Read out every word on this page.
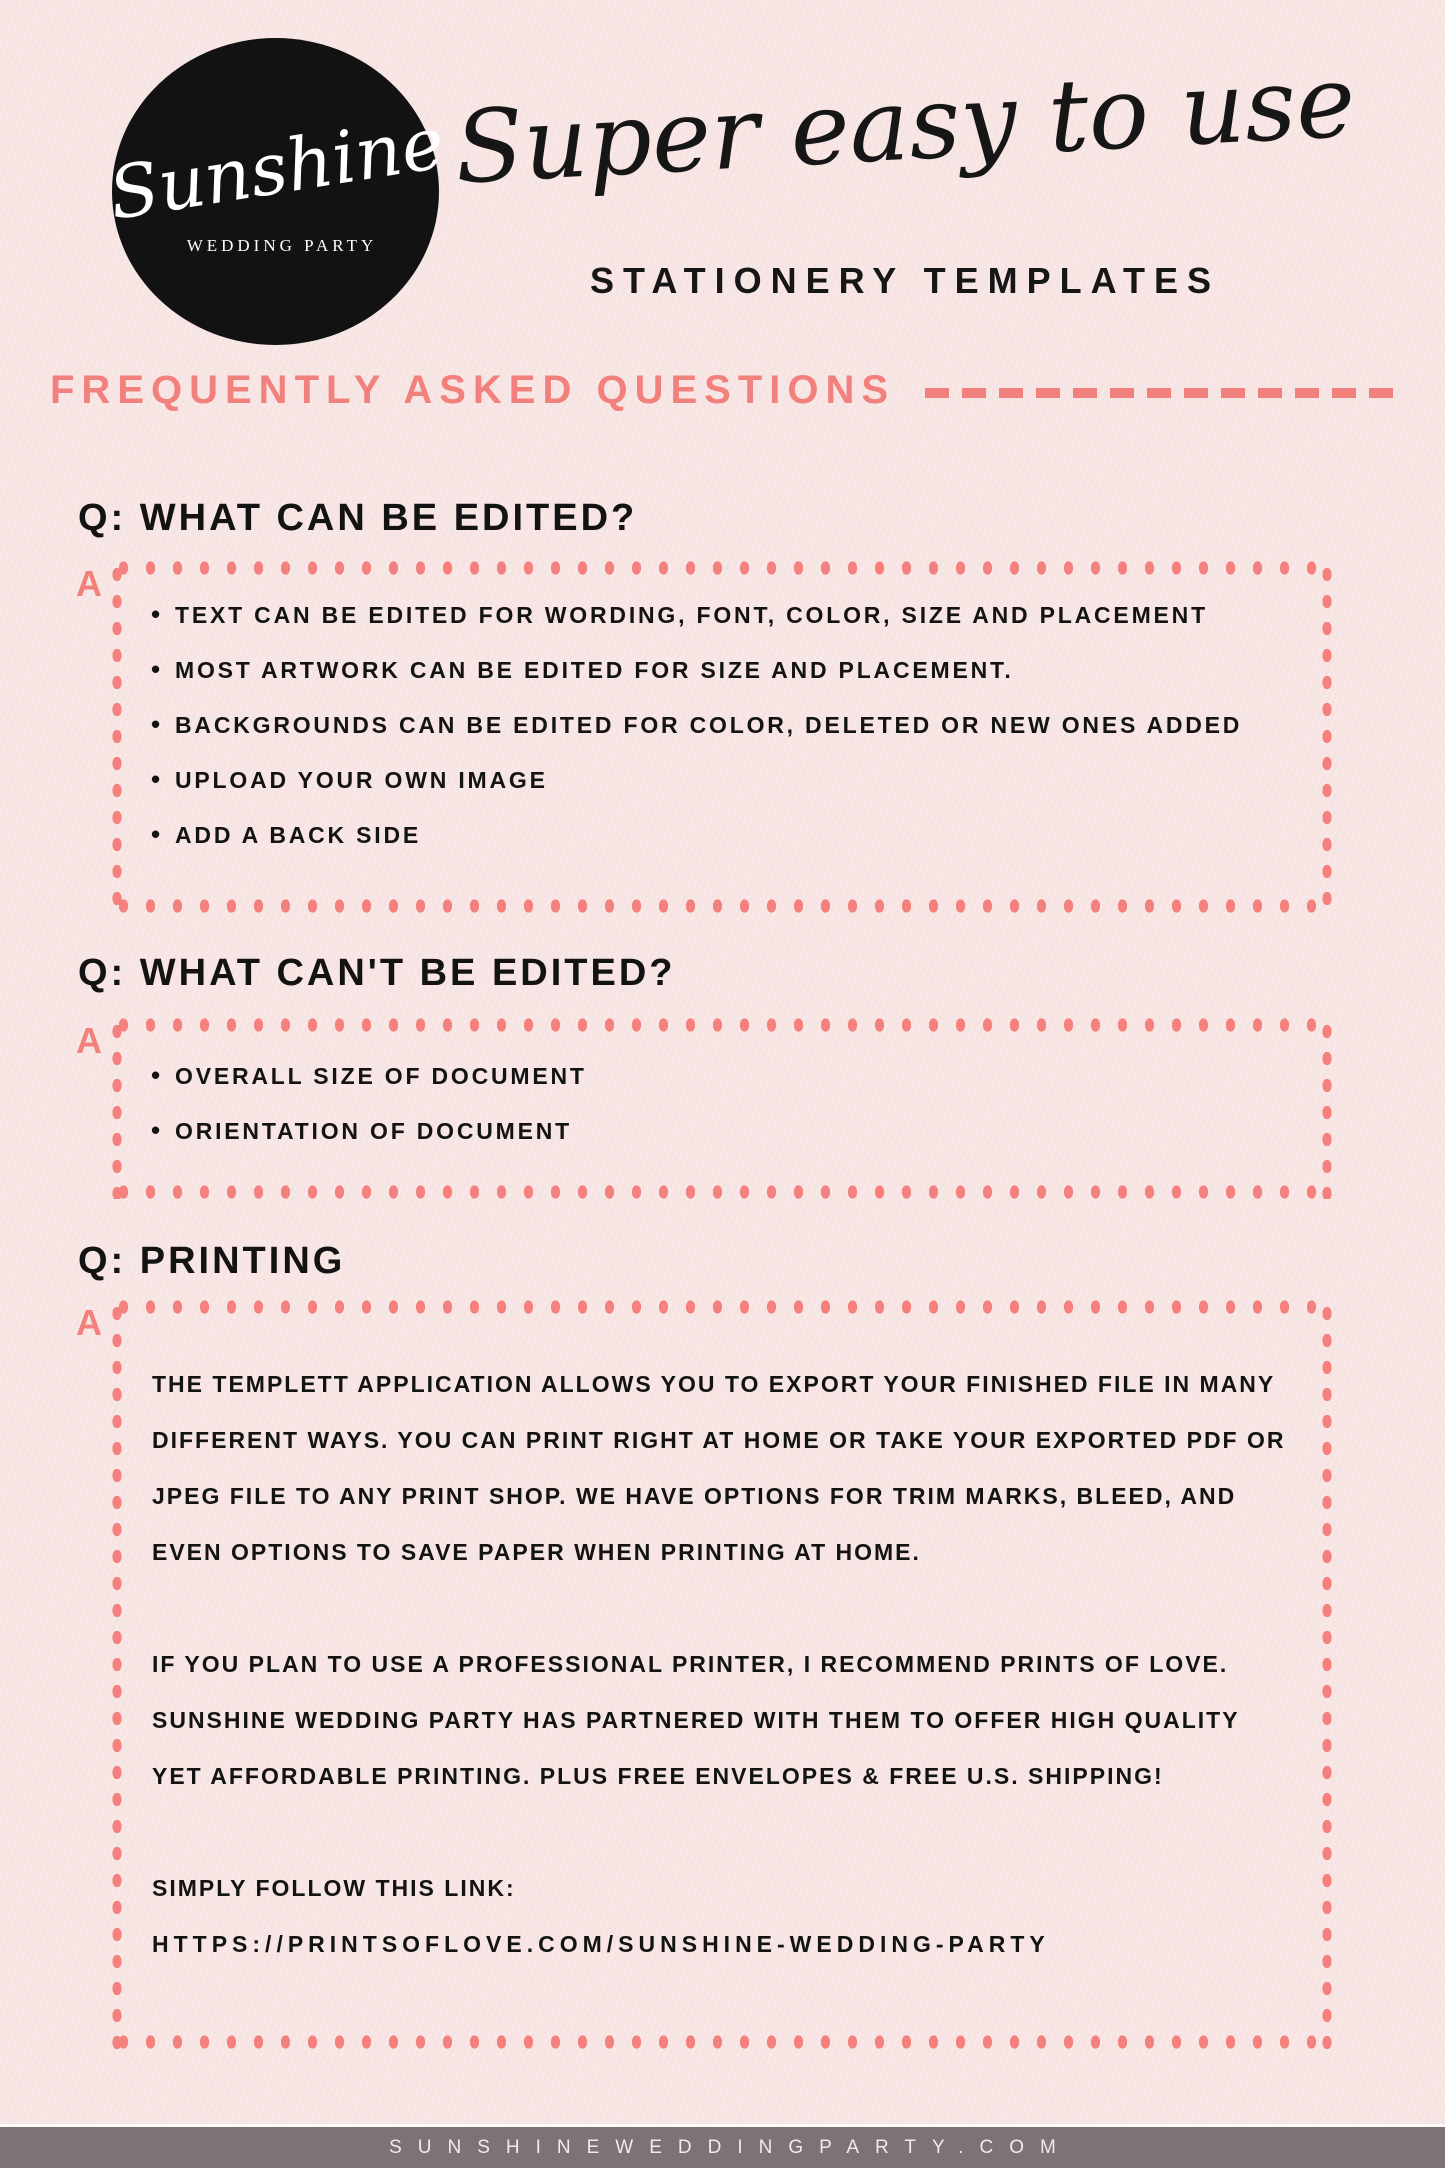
Sunshine
WEDDING PARTY
Super easy to use
STATIONERY TEMPLATES
FREQUENTLY ASKED QUESTIONS
Q: WHAT CAN BE EDITED?
A
• TEXT CAN BE EDITED FOR WORDING, FONT, COLOR, SIZE AND PLACEMENT
• MOST ARTWORK CAN BE EDITED FOR SIZE AND PLACEMENT.
• BACKGROUNDS CAN BE EDITED FOR COLOR, DELETED OR NEW ONES ADDED
• UPLOAD YOUR OWN IMAGE
• ADD A BACK SIDE
Q: WHAT CAN'T BE EDITED?
A
• OVERALL SIZE OF DOCUMENT
• ORIENTATION OF DOCUMENT
Q: PRINTING
A

THE TEMPLETT APPLICATION ALLOWS YOU TO EXPORT YOUR FINISHED FILE IN MANY DIFFERENT WAYS. YOU CAN PRINT RIGHT AT HOME OR TAKE YOUR EXPORTED PDF OR JPEG FILE TO ANY PRINT SHOP. WE HAVE OPTIONS FOR TRIM MARKS, BLEED, AND EVEN OPTIONS TO SAVE PAPER WHEN PRINTING AT HOME.

IF YOU PLAN TO USE A PROFESSIONAL PRINTER, I RECOMMEND PRINTS OF LOVE. SUNSHINE WEDDING PARTY HAS PARTNERED WITH THEM TO OFFER HIGH QUALITY YET AFFORDABLE PRINTING. PLUS FREE ENVELOPES & FREE U.S. SHIPPING!

SIMPLY FOLLOW THIS LINK:
HTTPS://PRINTSOFLOVE.COM/SUNSHINE-WEDDING-PARTY

SUNSHINEWEDDINGPARTY.COM
